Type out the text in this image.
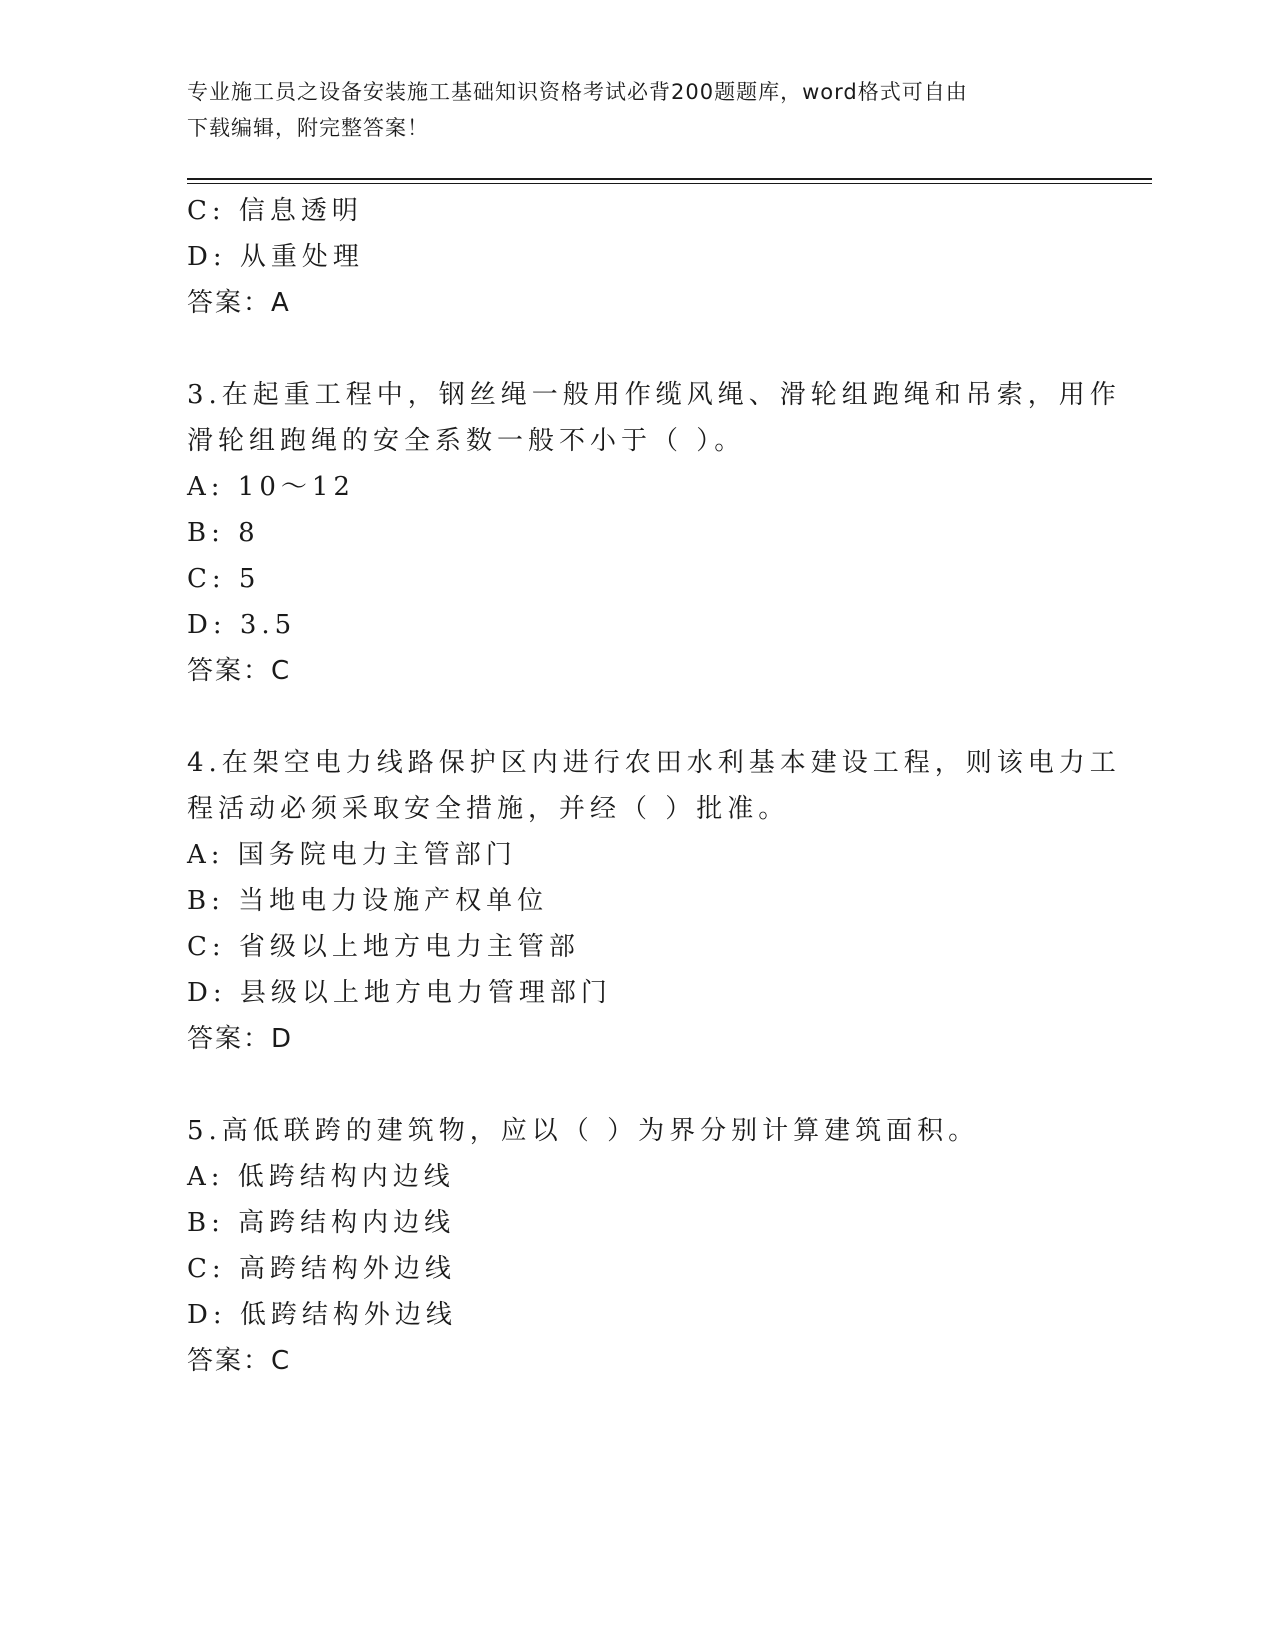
专业施工员之设备安装施工基础知识资格考试必背200题题库，word格式可自由
下载编辑，附完整答案！
C: 信息透明
D: 从重处理
答案：A
3.在起重工程中，钢丝绳一般用作缆风绳、滑轮组跑绳和吊索，用作
滑轮组跑绳的安全系数一般不小于（ ）。
A: 10～12
B: 8
C: 5
D: 3.5
答案：C
4.在架空电力线路保护区内进行农田水利基本建设工程，则该电力工
程活动必须采取安全措施，并经（ ）批准。
A: 国务院电力主管部门
B: 当地电力设施产权单位
C: 省级以上地方电力主管部
D: 县级以上地方电力管理部门
答案：D
5.高低联跨的建筑物，应以（ ）为界分别计算建筑面积。
A: 低跨结构内边线
B: 高跨结构内边线
C: 高跨结构外边线
D: 低跨结构外边线
答案：C
